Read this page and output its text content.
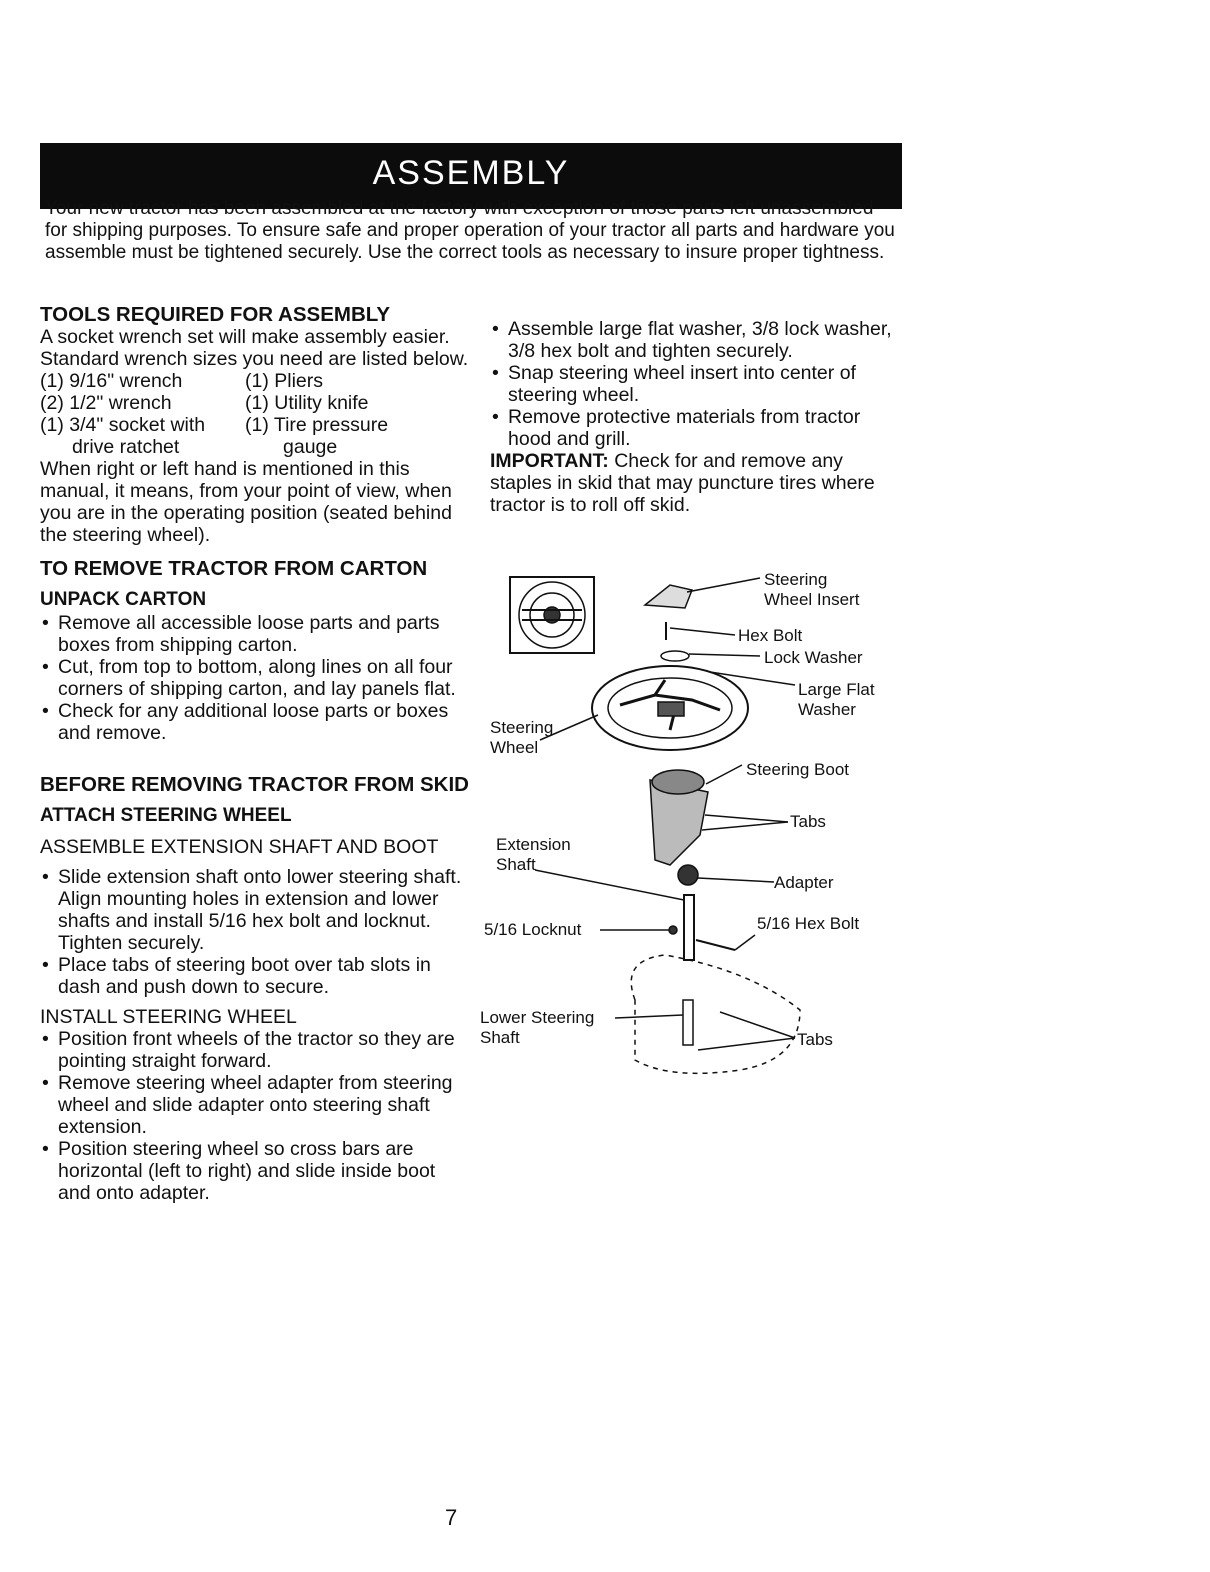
ASSEMBLY

Your new tractor has been assembled at the factory with exception of those parts left unassembled for shipping purposes. To ensure safe and proper operation of your tractor all parts and hardware you assemble must be tightened securely. Use the correct tools as necessary to insure proper tightness.

TOOLS REQUIRED FOR ASSEMBLY

A socket wrench set will make assembly easier. Standard wrench sizes you need are listed below.

(1) 9/16" wrench	(1) Pliers
(2) 1/2" wrench	(1) Utility knife
(1) 3/4" socket with	(1) Tire pressure
drive ratchet	gauge

When right or left hand is mentioned in this manual, it means, from your point of view, when you are in the operating position (seated behind the steering wheel).

TO REMOVE TRACTOR FROM CARTON
UNPACK CARTON
• Remove all accessible loose parts and parts boxes from shipping carton.
• Cut, from top to bottom, along lines on all four corners of shipping carton, and lay panels flat.
• Check for any additional loose parts or boxes and remove.
BEFORE REMOVING TRACTOR FROM SKID
ATTACH STEERING WHEEL

ASSEMBLE EXTENSION SHAFT AND BOOT

• Slide extension shaft onto lower steering shaft. Align mounting holes in extension and lower shafts and install 5/16 hex bolt and locknut. Tighten securely.
• Place tabs of steering boot over tab slots in dash and push down to secure.

INSTALL STEERING WHEEL

• Position front wheels of the tractor so they are pointing straight forward.
• Remove steering wheel adapter from steering wheel and slide adapter onto steering shaft extension.
• Position steering wheel so cross bars are horizontal (left to right) and slide inside boot and onto adapter.
• Assemble large flat washer, 3/8 lock washer, 3/8 hex bolt and tighten securely.
• Snap steering wheel insert into center of steering wheel.
• Remove protective materials from tractor hood and grill.

IMPORTANT: Check for and remove any staples in skid that may puncture tires where tractor is to roll off skid.

Steering
Wheel Insert
Hex Bolt
Lock Washer
Large Flat
Washer
Steering
Wheel
Steering Boot
Tabs
Extension
Shaft
Adapter
5/16 Locknut	5/16 Hex Bolt
Lower Steering
Shaft	Tabs
7
